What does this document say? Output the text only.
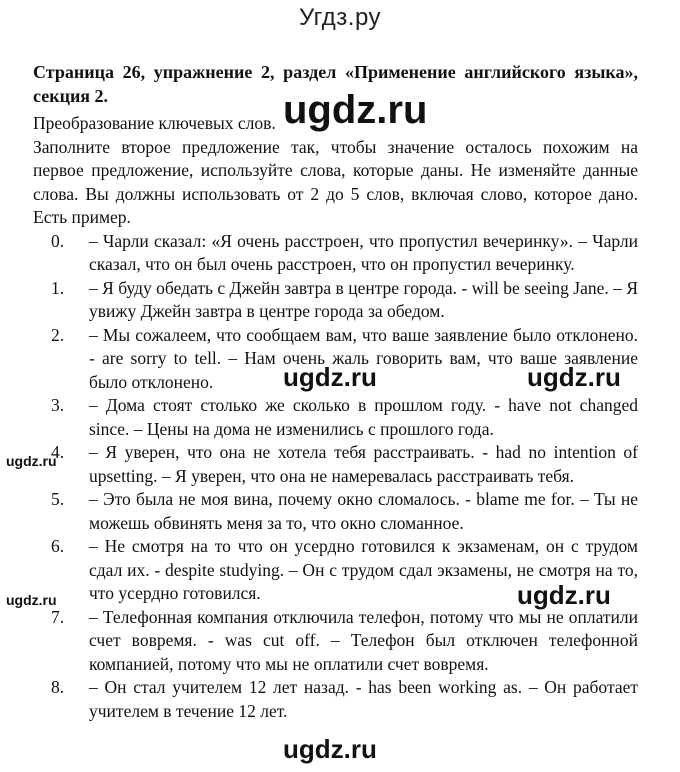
Угдз.ру

Страница 26, упражнение 2, раздел «Применение английского языка», секция 2.

Преобразование ключевых слов.

Заполните второе предложение так, чтобы значение осталось похожим на первое предложение, используйте слова, которые даны. Не изменяйте данные слова. Вы должны использовать от 2 до 5 слов, включая слово, которое дано. Есть пример.

0.	– Чарли сказал: «Я очень расстроен, что пропустил вечеринку». – Чарли сказал, что он был очень расстроен, что он пропустил вечеринку.
1.	– Я буду обедать с Джейн завтра в центре города. - will be seeing Jane. – Я увижу Джейн завтра в центре города за обедом.
2.	– Мы сожалеем, что сообщаем вам, что ваше заявление было отклонено. - are sorry to tell. – Нам очень жаль говорить вам, что ваше заявление было отклонено.
3.	– Дома стоят столько же сколько в прошлом году. - have not changed since. – Цены на дома не изменились с прошлого года.
4.	– Я уверен, что она не хотела тебя расстраивать. - had no intention of upsetting. – Я уверен, что она не намеревалась расстраивать тебя.
5.	– Это была не моя вина, почему окно сломалось. - blame me for. – Ты не можешь обвинять меня за то, что окно сломанное.
6.	– Не смотря на то что он усердно готовился к экзаменам, он с трудом сдал их. - despite studying. – Он с трудом сдал экзамены, не смотря на то, что усердно готовился.
7.	– Телефонная компания отключила телефон, потому что мы не оплатили счет вовремя. - was cut off. – Телефон был отключен телефонной компанией, потому что мы не оплатили счет вовремя.
8.	– Он стал учителем 12 лет назад. - has been working as. – Он работает учителем в течение 12 лет.
ugdz.ru
ugdz.ru	ugdz.ru
ugdz.ru
ugdz.ru
ugdz.ru
ugdz.ru
